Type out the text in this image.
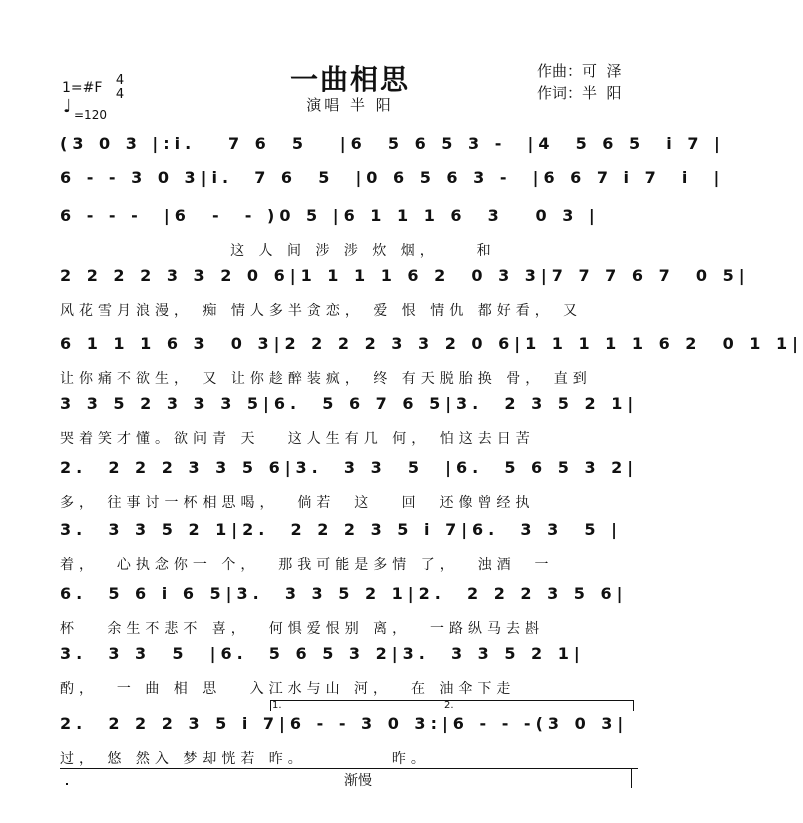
一曲相思
演唱 半 阳
作曲：可  泽
作词：半  阳
1=#F 4
4
♩ =120
(3 0 3 |:i.   7 6  5   |6  5 6 5 3 -  |4  5 6 5  i 7 |
6 - - 3 0 3|i.  7 6  5  |0 6 5 6 3 -  |6 6 7 i 7  i  |
6 - - -  |6  -  - )0 5 |6 1 1 1 6  3   0 3 |
这 人 间 涉 涉 炊 烟，    和
2 2 2 2 3 3 2 0 6|1 1 1 1 6 2  0 3 3|7 7 7 6 7  0 5|
风花雪月浪漫， 痴 情人多半贪恋， 爱 恨 情仇 都好看， 又
6 1 1 1 6 3  0 3|2 2 2 2 3 3 2 0 6|1 1 1 1 1 6 2  0 1 1|
让你痛不欲生， 又 让你趁醉装疯， 终 有天脱胎换 骨， 直到
3 3 5 2 3 3 3 5|6.  5 6 7 6 5|3.  2 3 5 2 1|
哭着笑才懂。欲问青 天   这人生有几 何， 怕这去日苦
2.  2 2 2 3 3 5 6|3.  3 3  5  |6.  5 6 5 3 2|
多， 往事讨一杯相思喝，  倘若  这   回  还像曾经执
3.  3 3 5 2 1|2.  2 2 2 3 5 i 7|6.  3 3  5 |
着，  心执念你一 个，  那我可能是多情 了，  浊酒  一
6.  5 6 i 6 5|3.  3 3 5 2 1|2.  2 2 2 3 5 6|
杯   余生不悲不 喜，  何惧爱恨别 离，  一路纵马去斟
3.  3 3  5  |6.  5 6 5 3 2|3.  3 3 5 2 1|
酌，  一 曲 相 思   入江水与山 河，  在 油伞下走
2.  2 2 2 3 5 i 7|6 - - 3 0 3:|6 - - -(3 0 3|
过， 悠 然入 梦却恍若 昨。         昨。
1.	2.
渐慢
